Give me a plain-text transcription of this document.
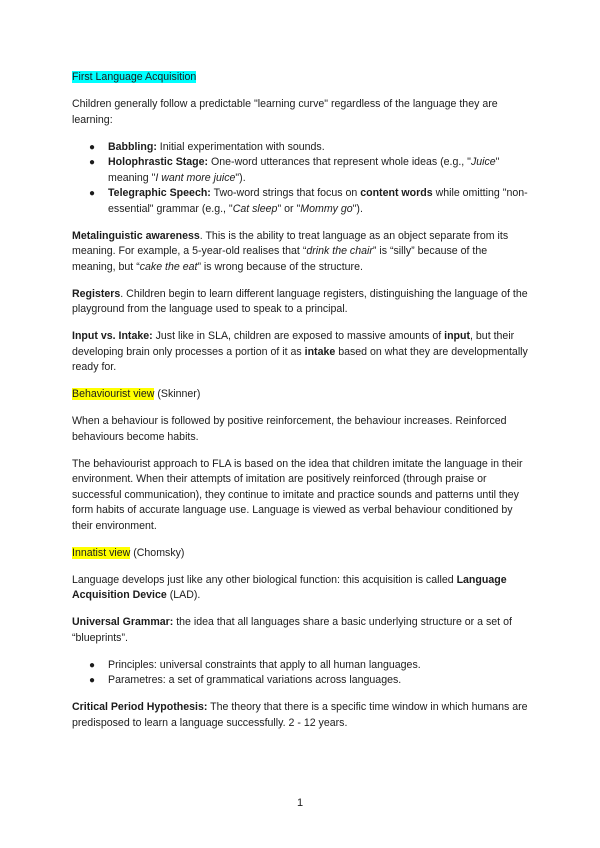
First Language Acquisition

Children generally follow a predictable "learning curve" regardless of the language they are learning:

● Babbling: Initial experimentation with sounds.
● Holophrastic Stage: One-word utterances that represent whole ideas (e.g., "Juice" meaning "I want more juice").
● Telegraphic Speech: Two-word strings that focus on content words while omitting "non-essential" grammar (e.g., "Cat sleep" or "Mommy go").

Metalinguistic awareness. This is the ability to treat language as an object separate from its meaning. For example, a 5-year-old realises that “drink the chair” is “silly” because of the meaning, but “cake the eat” is wrong because of the structure.

Registers. Children begin to learn different language registers, distinguishing the language of the playground from the language used to speak to a principal.

Input vs. Intake: Just like in SLA, children are exposed to massive amounts of input, but their developing brain only processes a portion of it as intake based on what they are developmentally ready for.

Behaviourist view (Skinner)

When a behaviour is followed by positive reinforcement, the behaviour increases. Reinforced behaviours become habits.

The behaviourist approach to FLA is based on the idea that children imitate the language in their environment. When their attempts of imitation are positively reinforced (through praise or successful communication), they continue to imitate and practice sounds and patterns until they form habits of accurate language use. Language is viewed as verbal behaviour conditioned by their environment.

Innatist view (Chomsky)

Language develops just like any other biological function: this acquisition is called Language Acquisition Device (LAD).

Universal Grammar: the idea that all languages share a basic underlying structure or a set of “blueprints”.

● Principles: universal constraints that apply to all human languages.
● Parametres: a set of grammatical variations across languages.

Critical Period Hypothesis: The theory that there is a specific time window in which humans are predisposed to learn a language successfully. 2 - 12 years.

1
